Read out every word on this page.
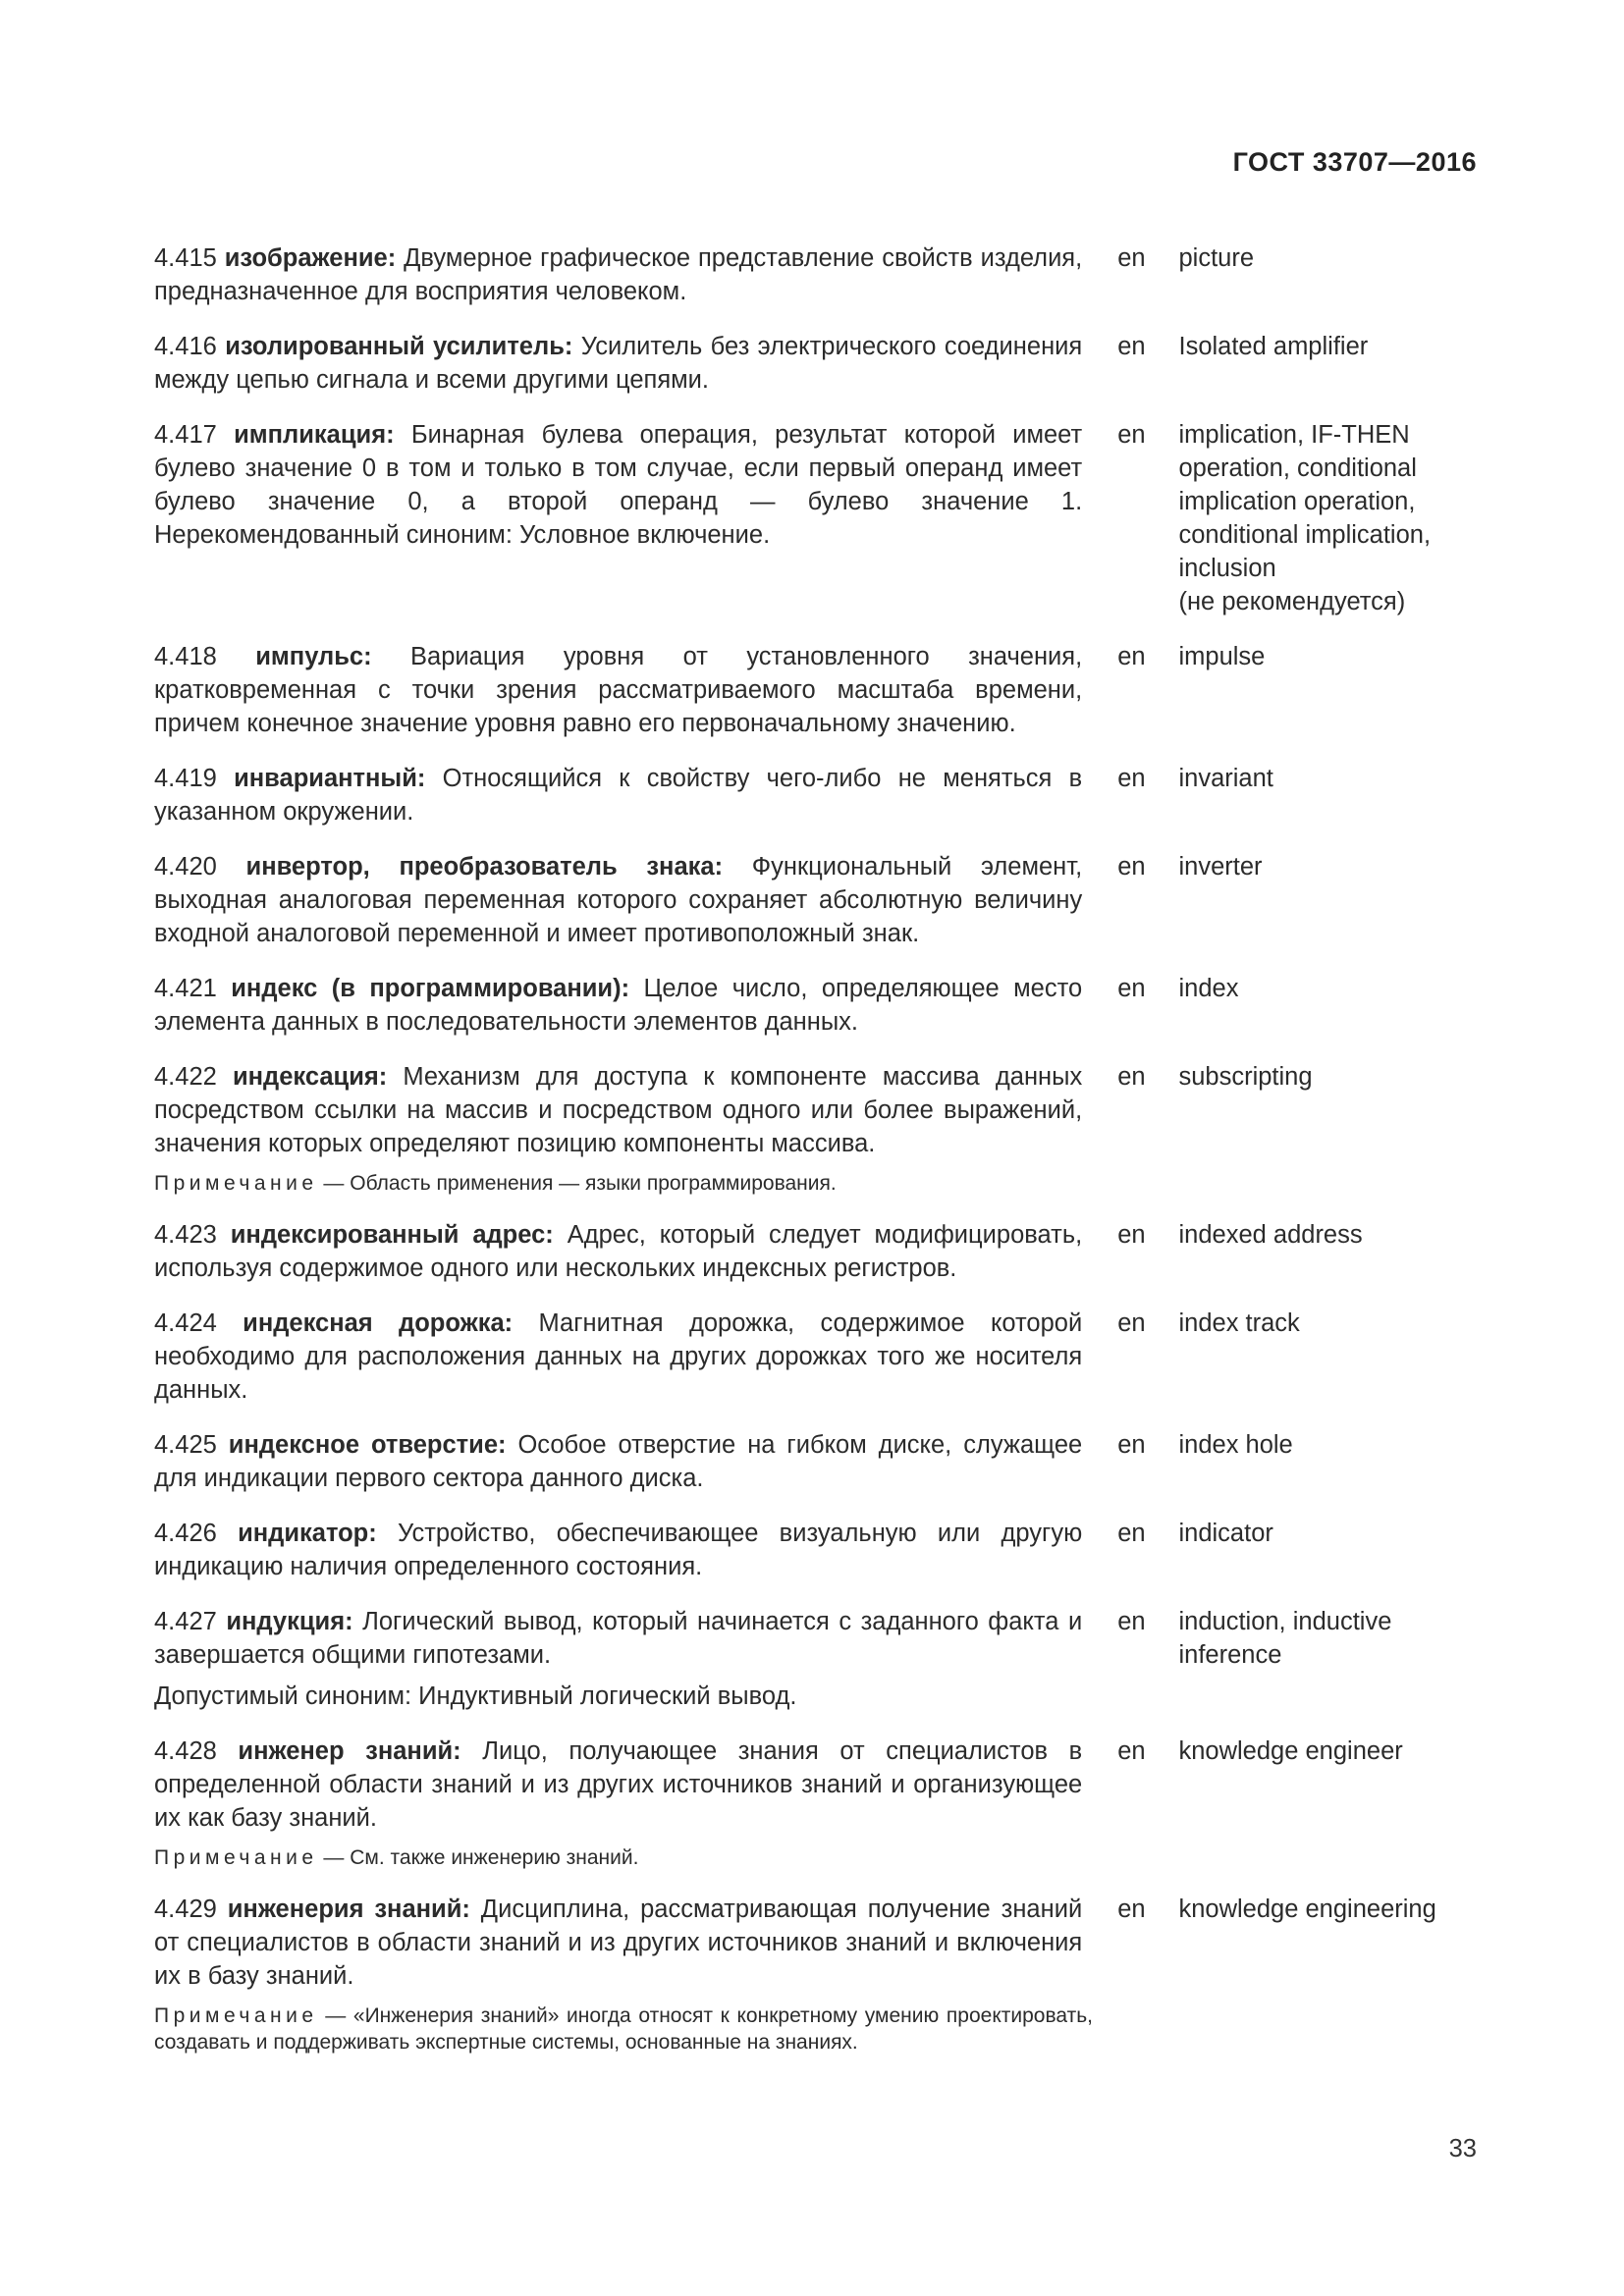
ГОСТ 33707—2016
4.415 изображение: Двумерное графическое представление свойств изделия, предназначенное для восприятия человеком.
en	picture
4.416 изолированный усилитель: Усилитель без электрического соединения между цепью сигнала и всеми другими цепями.
en	Isolated amplifier
4.417 импликация: Бинарная булева операция, результат которой имеет булево значение 0 в том и только в том случае, если первый операнд имеет булево значение 0, а второй операнд — булево значение 1. Нерекомендованный синоним: Условное включение.
en	implication, IF-THEN operation, conditional implication operation, conditional implication, inclusion
(не рекомендуется)
4.418 импульс: Вариация уровня от установленного значения, кратковременная с точки зрения рассматриваемого масштаба времени, причем конечное значение уровня равно его первоначальному значению.
en	impulse
4.419 инвариантный: Относящийся к свойству чего-либо не меняться в указанном окружении.
en	invariant
4.420 инвертор, преобразователь знака: Функциональный элемент, выходная аналоговая переменная которого сохраняет абсолютную величину входной аналоговой переменной и имеет противоположный знак.
en	inverter
4.421 индекс (в программировании): Целое число, определяющее место элемента данных в последовательности элементов данных.
en	index
4.422 индексация: Механизм для доступа к компоненте массива данных посредством ссылки на массив и посредством одного или более выражений, значения которых определяют позицию компоненты массива.
en	subscripting
Примечание — Область применения — языки программирования.
4.423 индексированный адрес: Адрес, который следует модифицировать, используя содержимое одного или нескольких индексных регистров.
en	indexed address
4.424 индексная дорожка: Магнитная дорожка, содержимое которой необходимо для расположения данных на других дорожках того же носителя данных.
en	index track
4.425 индексное отверстие: Особое отверстие на гибком диске, служащее для индикации первого сектора данного диска.
en	index hole
4.426 индикатор: Устройство, обеспечивающее визуальную или другую индикацию наличия определенного состояния.
en	indicator
4.427 индукция: Логический вывод, который начинается с заданного факта и завершается общими гипотезами.
en	induction, inductive inference
Допустимый синоним: Индуктивный логический вывод.
4.428 инженер знаний: Лицо, получающее знания от специалистов в определенной области знаний и из других источников знаний и организующее их как базу знаний.
en	knowledge engineer
Примечание — См. также инженерию знаний.
4.429 инженерия знаний: Дисциплина, рассматривающая получение знаний от специалистов в области знаний и из других источников знаний и включения их в базу знаний.
en	knowledge engineering
Примечание — «Инженерия знаний» иногда относят к конкретному умению проектировать, создавать и поддерживать экспертные системы, основанные на знаниях.
33
